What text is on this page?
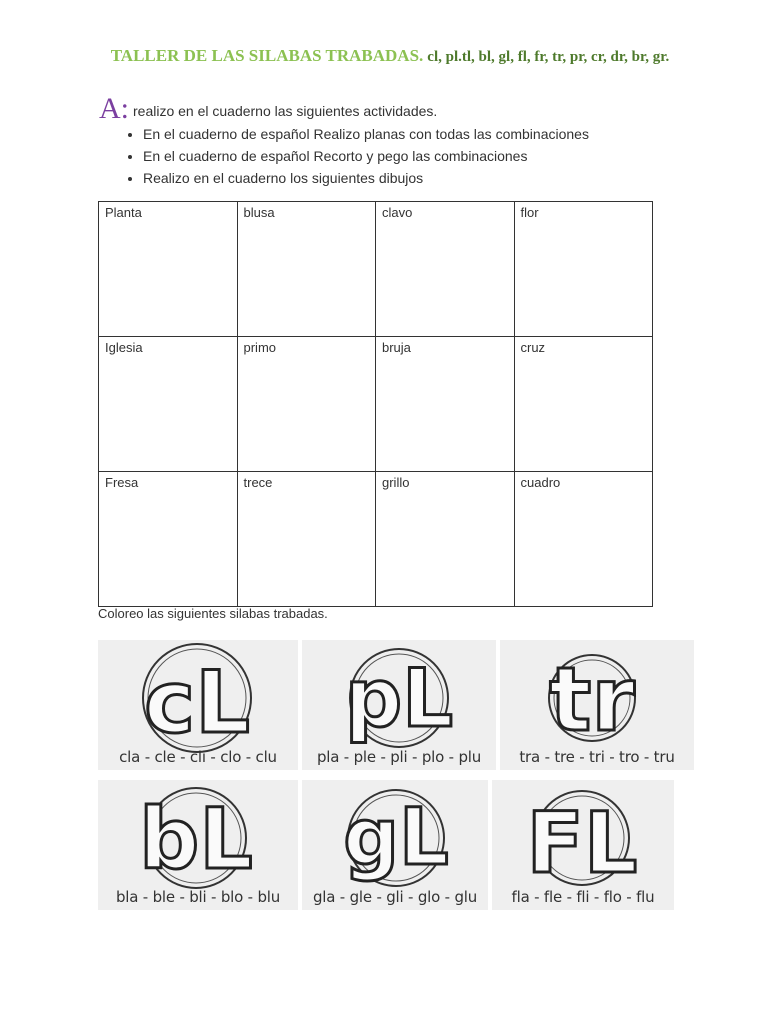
TALLER DE LAS SILABAS TRABADAS. cl, pl.tl, bl, gl, fl, fr, tr, pr, cr, dr, br, gr.
A: realizo en el cuaderno las siguientes actividades.
• En el cuaderno de español Realizo planas con todas las combinaciones
• En el cuaderno de español Recorto y pego las combinaciones
• Realizo en el cuaderno los siguientes dibujos
Planta	blusa	clavo	flor
Iglesia	primo	bruja	cruz
Fresa	trece	grillo	cuadro
Coloreo las siguientes silabas trabadas.
cL
cla - cle - cli - clo - clu
pL
pla - ple - pli - plo - plu
tr
tra - tre - tri - tro - tru
bL
bla - ble - bli - blo - blu
gL
gla - gle - gli - glo - glu
FL
fla - fle - fli - flo - flu
